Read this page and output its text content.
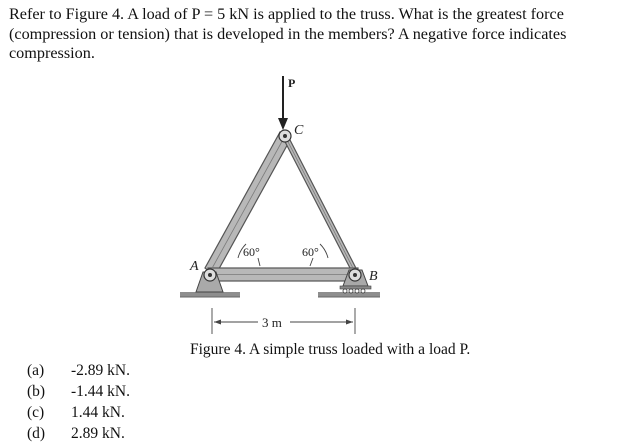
Refer to Figure 4. A load of P = 5 kN is applied to the truss. What is the greatest force (compression or tension) that is developed in the members? A negative force indicates compression.
P
C
A
B
60°	60°
3 m
Figure 4. A simple truss loaded with a load P.
(a)	-2.89 kN.
(b)	-1.44 kN.
(c)	1.44 kN.
(d)	2.89 kN.
